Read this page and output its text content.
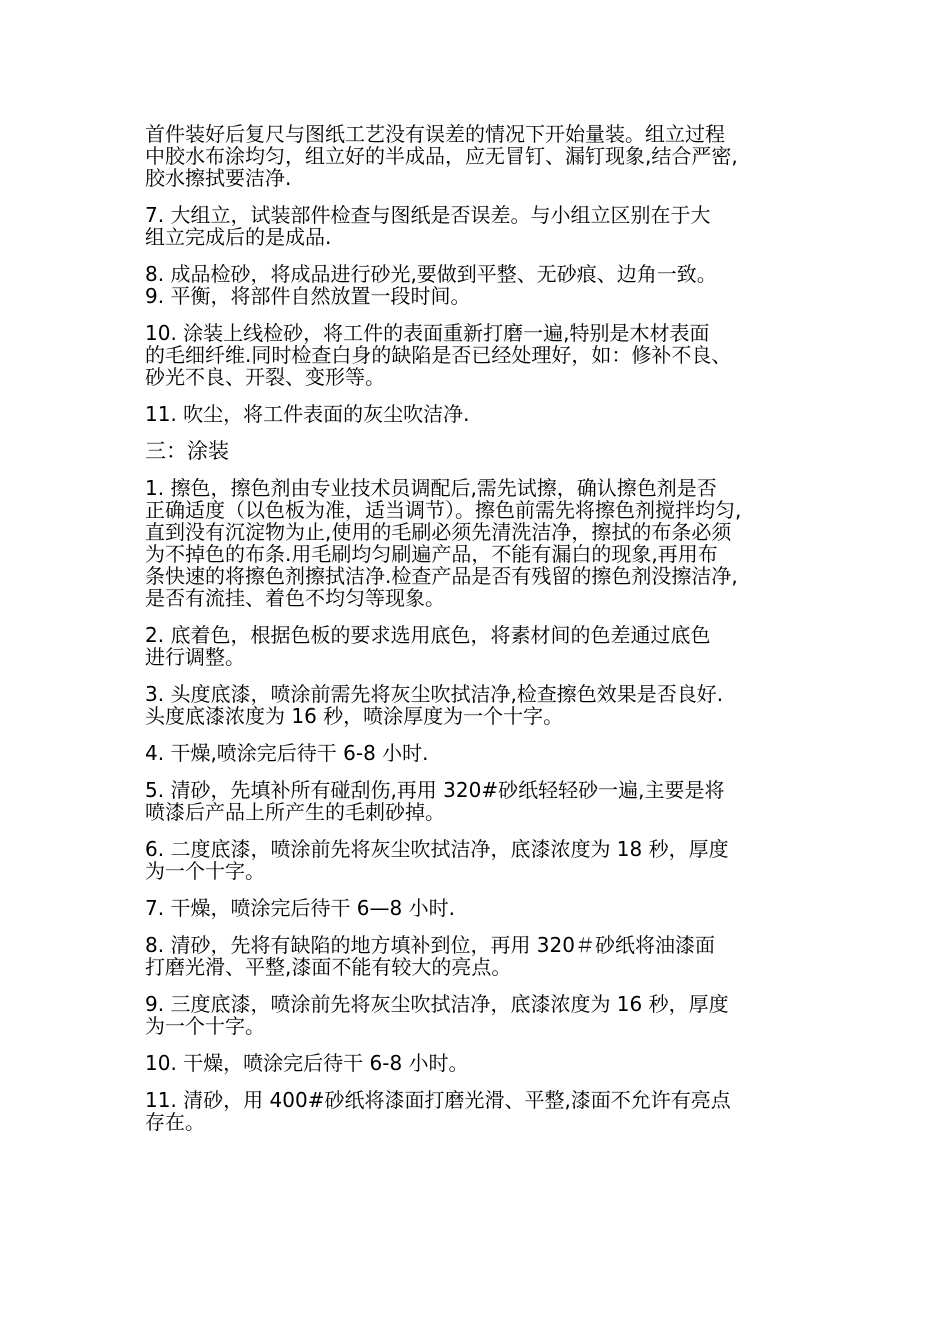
首件装好后复尺与图纸工艺没有误差的情况下开始量装。组立过程
中胶水布涂均匀，组立好的半成品，应无冒钉、漏钉现象,结合严密,
胶水擦拭要洁净.

7. 大组立，试装部件检查与图纸是否误差。与小组立区别在于大
组立完成后的是成品.

8. 成品检砂，将成品进行砂光,要做到平整、无砂痕、边角一致。

9. 平衡，将部件自然放置一段时间。

10. 涂装上线检砂，将工件的表面重新打磨一遍,特别是木材表面
的毛细纤维.同时检查白身的缺陷是否已经处理好，如：修补不良、
砂光不良、开裂、变形等。

11. 吹尘，将工件表面的灰尘吹洁净.

三：涂装

1. 擦色，擦色剂由专业技术员调配后,需先试擦，确认擦色剂是否
正确适度（以色板为准，适当调节）。擦色前需先将擦色剂搅拌均匀,
直到没有沉淀物为止,使用的毛刷必须先清洗洁净，擦拭的布条必须
为不掉色的布条.用毛刷均匀刷遍产品，不能有漏白的现象,再用布
条快速的将擦色剂擦拭洁净.检查产品是否有残留的擦色剂没擦洁净,
是否有流挂、着色不均匀等现象。

2. 底着色，根据色板的要求选用底色，将素材间的色差通过底色
进行调整。

3. 头度底漆，喷涂前需先将灰尘吹拭洁净,检查擦色效果是否良好.
头度底漆浓度为 16 秒，喷涂厚度为一个十字。

4. 干燥,喷涂完后待干 6-8 小时.

5. 清砂，先填补所有碰刮伤,再用 320#砂纸轻轻砂一遍,主要是将
喷漆后产品上所产生的毛刺砂掉。

6. 二度底漆，喷涂前先将灰尘吹拭洁净，底漆浓度为 18 秒，厚度
为一个十字。

7. 干燥，喷涂完后待干 6—8 小时.

8. 清砂，先将有缺陷的地方填补到位，再用 320＃砂纸将油漆面
打磨光滑、平整,漆面不能有较大的亮点。

9. 三度底漆，喷涂前先将灰尘吹拭洁净，底漆浓度为 16 秒，厚度
为一个十字。

10. 干燥，喷涂完后待干 6-8 小时。

11. 清砂，用 400#砂纸将漆面打磨光滑、平整,漆面不允许有亮点
存在。
